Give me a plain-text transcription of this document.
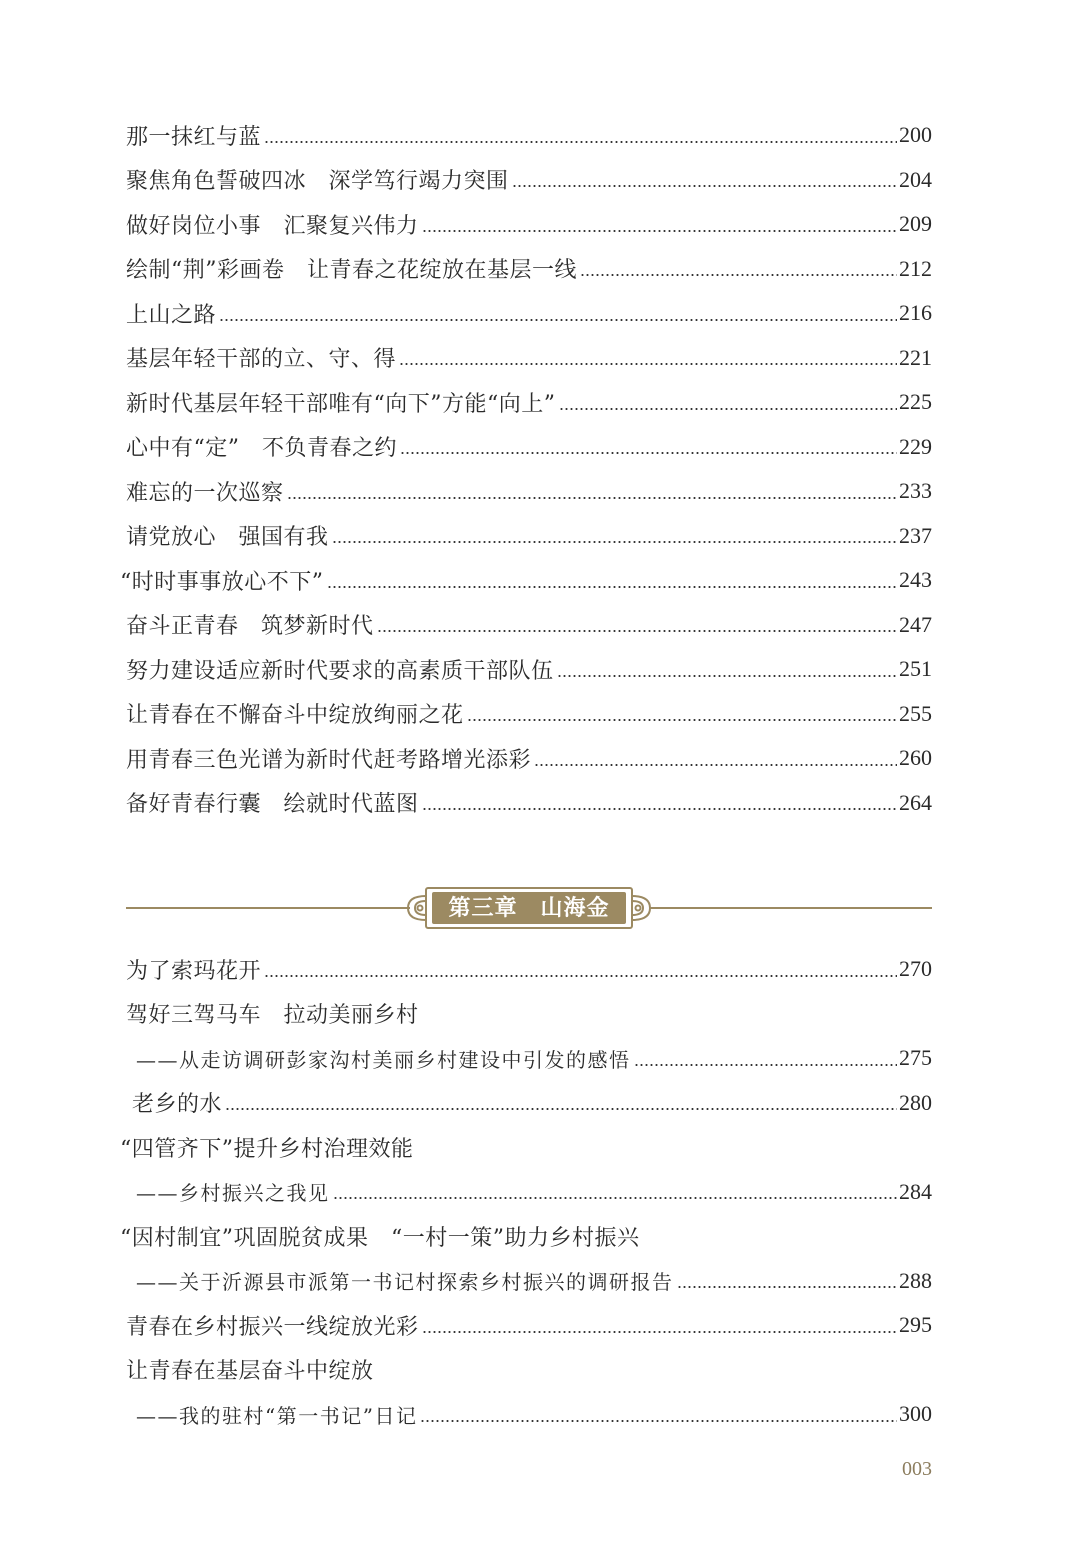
那一抹红与蓝	200
聚焦角色誓破四冰　深学笃行竭力突围	204
做好岗位小事　汇聚复兴伟力	209
绘制“荆”彩画卷　让青春之花绽放在基层一线	212
上山之路	216
基层年轻干部的立、守、得	221
新时代基层年轻干部唯有“向下”方能“向上”	225
心中有“定”　不负青春之约	229
难忘的一次巡察	233
请党放心　强国有我	237
“时时事事放心不下”	243
奋斗正青春　筑梦新时代	247
努力建设适应新时代要求的高素质干部队伍	251
让青春在不懈奋斗中绽放绚丽之花	255
用青春三色光谱为新时代赶考路增光添彩	260
备好青春行囊　绘就时代蓝图	264
第三章　山海金
为了索玛花开	270
驾好三驾马车　拉动美丽乡村
——从走访调研彭家沟村美丽乡村建设中引发的感悟	275
老乡的水	280
“四管齐下”提升乡村治理效能
——乡村振兴之我见	284
“因村制宜”巩固脱贫成果　“一村一策”助力乡村振兴
——关于沂源县市派第一书记村探索乡村振兴的调研报告	288
青春在乡村振兴一线绽放光彩	295
让青春在基层奋斗中绽放
——我的驻村“第一书记”日记	300
003
